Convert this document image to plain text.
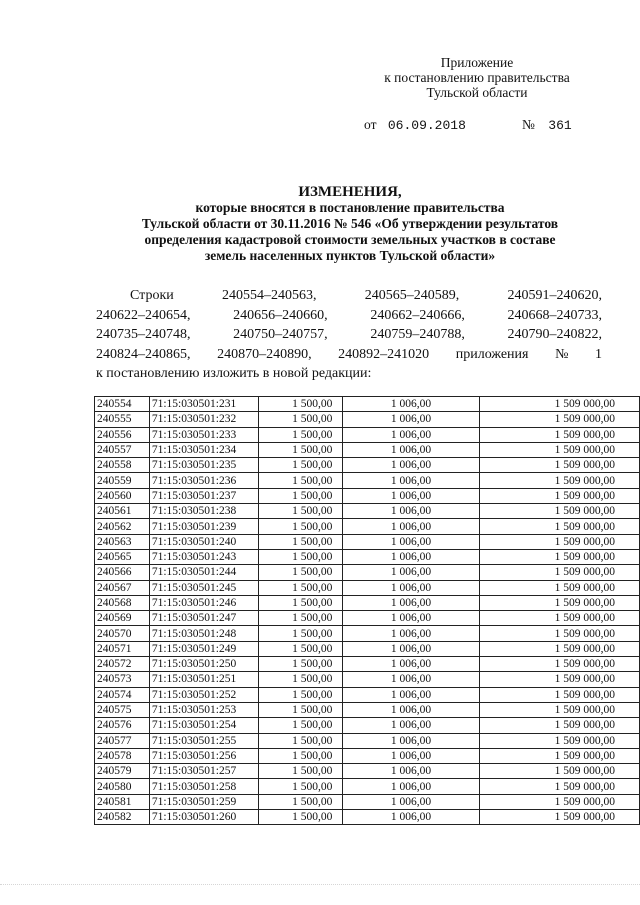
Приложение
к постановлению правительства
Тульской области
от 06.09.2018	№ 361
ИЗМЕНЕНИЯ,
которые вносятся в постановление правительства
Тульской области от 30.11.2016 № 546 «Об утверждении результатов
определения кадастровой стоимости земельных участков в составе
земель населенных пунктов Тульской области»
Строки	240554–240563,	240565–240589,	240591–240620,
240622–240654,	240656–240660,	240662–240666,	240668–240733,
240735–240748,	240750–240757,	240759–240788,	240790–240822,
240824–240865, 240870–240890, 240892–241020 приложения № 1
к постановлению изложить в новой редакции:
240554	71:15:030501:231	1 500,00	1 006,00	1 509 000,00
240555	71:15:030501:232	1 500,00	1 006,00	1 509 000,00
240556	71:15:030501:233	1 500,00	1 006,00	1 509 000,00
240557	71:15:030501:234	1 500,00	1 006,00	1 509 000,00
240558	71:15:030501:235	1 500,00	1 006,00	1 509 000,00
240559	71:15:030501:236	1 500,00	1 006,00	1 509 000,00
240560	71:15:030501:237	1 500,00	1 006,00	1 509 000,00
240561	71:15:030501:238	1 500,00	1 006,00	1 509 000,00
240562	71:15:030501:239	1 500,00	1 006,00	1 509 000,00
240563	71:15:030501:240	1 500,00	1 006,00	1 509 000,00
240565	71:15:030501:243	1 500,00	1 006,00	1 509 000,00
240566	71:15:030501:244	1 500,00	1 006,00	1 509 000,00
240567	71:15:030501:245	1 500,00	1 006,00	1 509 000,00
240568	71:15:030501:246	1 500,00	1 006,00	1 509 000,00
240569	71:15:030501:247	1 500,00	1 006,00	1 509 000,00
240570	71:15:030501:248	1 500,00	1 006,00	1 509 000,00
240571	71:15:030501:249	1 500,00	1 006,00	1 509 000,00
240572	71:15:030501:250	1 500,00	1 006,00	1 509 000,00
240573	71:15:030501:251	1 500,00	1 006,00	1 509 000,00
240574	71:15:030501:252	1 500,00	1 006,00	1 509 000,00
240575	71:15:030501:253	1 500,00	1 006,00	1 509 000,00
240576	71:15:030501:254	1 500,00	1 006,00	1 509 000,00
240577	71:15:030501:255	1 500,00	1 006,00	1 509 000,00
240578	71:15:030501:256	1 500,00	1 006,00	1 509 000,00
240579	71:15:030501:257	1 500,00	1 006,00	1 509 000,00
240580	71:15:030501:258	1 500,00	1 006,00	1 509 000,00
240581	71:15:030501:259	1 500,00	1 006,00	1 509 000,00
240582	71:15:030501:260	1 500,00	1 006,00	1 509 000,00
